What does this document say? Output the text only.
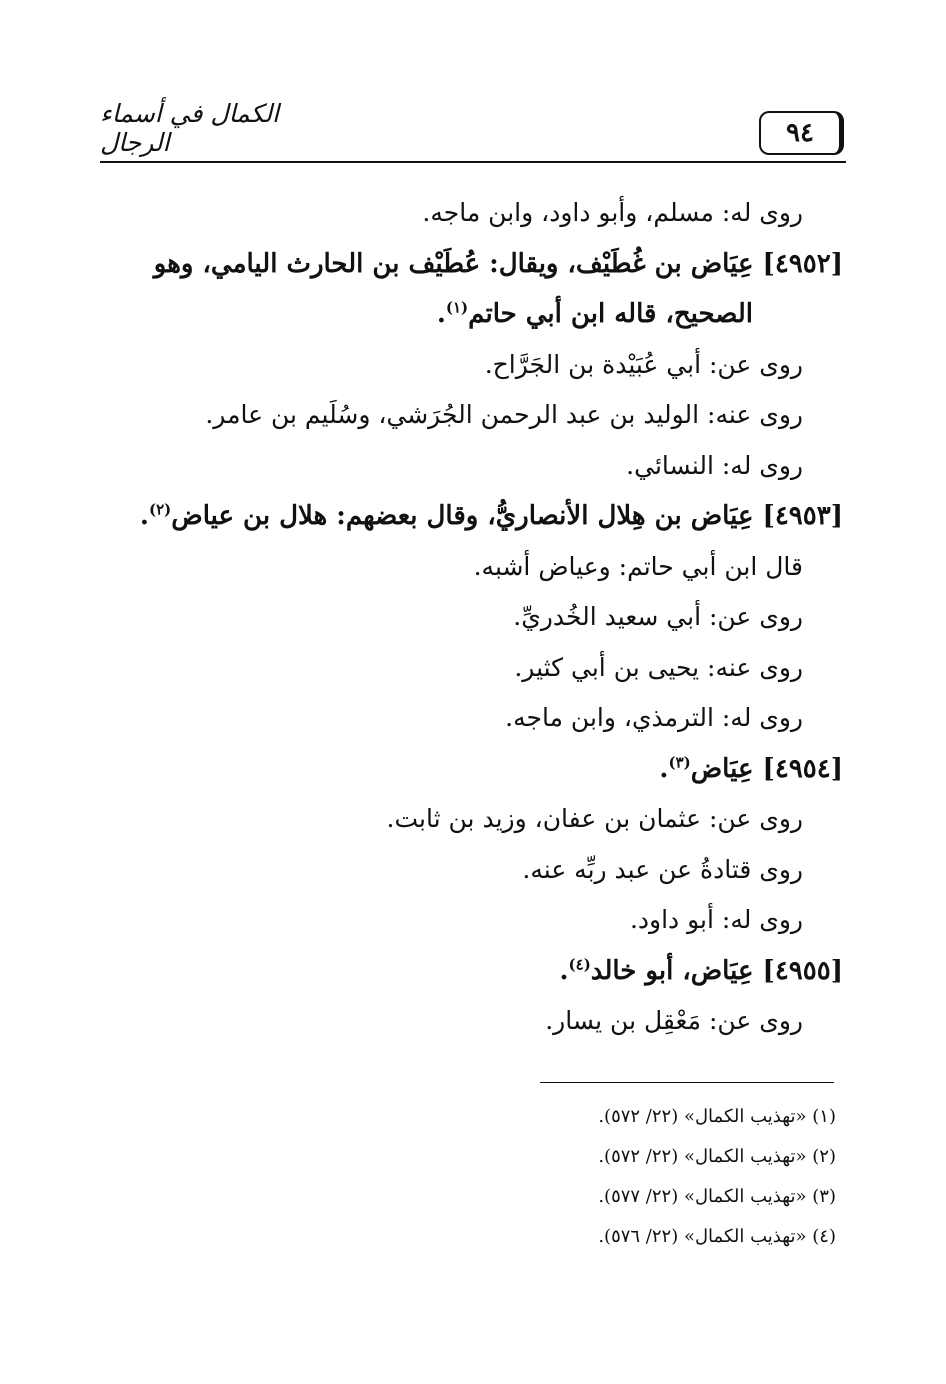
الكمال في أسماء الرجال	٩٤
روى له: مسلم، وأبو داود، وابن ماجه.
[٤٩٥٢] عِيَاض بن غُطَيْف، ويقال: عُطَيْف بن الحارث اليامي، وهو
الصحيح، قاله ابن أبي حاتم$^{(١)}$.
روى عن: أبي عُبَيْدة بن الجَرَّاح.
روى عنه: الوليد بن عبد الرحمن الجُرَشي، وسُلَيم بن عامر.
روى له: النسائي.
[٤٩٥٣] عِيَاض بن هِلال الأنصاريُّ، وقال بعضهم: هلال بن عياض$^{(٢)}$.
قال ابن أبي حاتم: وعياض أشبه.
روى عن: أبي سعيد الخُدريِّ.
روى عنه: يحيى بن أبي كثير.
روى له: الترمذي، وابن ماجه.
[٤٩٥٤] عِيَاض$^{(٣)}$.
روى عن: عثمان بن عفان، وزيد بن ثابت.
روى قتادةُ عن عبد ربِّه عنه.
روى له: أبو داود.
[٤٩٥٥] عِيَاض، أبو خالد$^{(٤)}$.
روى عن: مَعْقِل بن يسار.
(١) «تهذيب الكمال» (٢٢/ ٥٧٢).
(٢) «تهذيب الكمال» (٢٢/ ٥٧٢).
(٣) «تهذيب الكمال» (٢٢/ ٥٧٧).
(٤) «تهذيب الكمال» (٢٢/ ٥٧٦).
